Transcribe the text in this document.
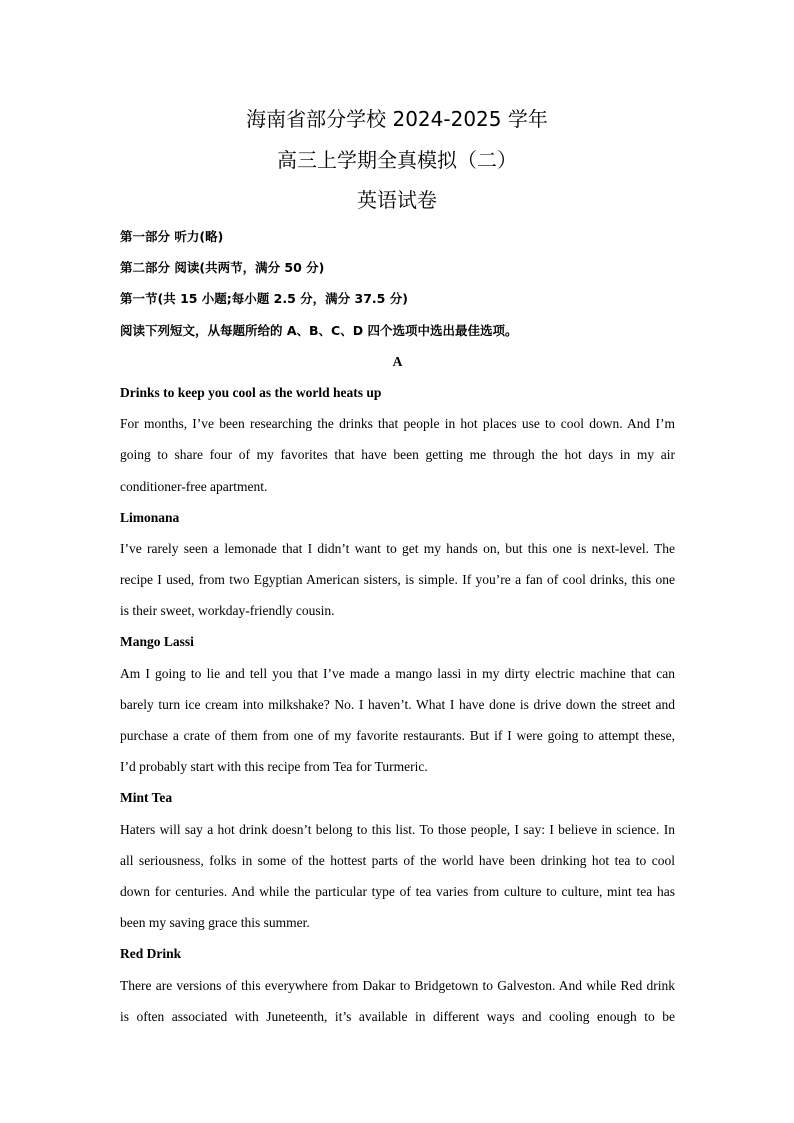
海南省部分学校 2024-2025 学年
高三上学期全真模拟（二）
英语试卷

第一部分 听力(略)

第二部分 阅读(共两节，满分 50 分)

第一节(共 15 小题;每小题 2.5 分，满分 37.5 分)

阅读下列短文，从每题所给的 A、B、C、D 四个选项中选出最佳选项。

A

Drinks to keep you cool as the world heats up

For months, I’ve been researching the drinks that people in hot places use to cool down. And I’m

going to share four of my favorites that have been getting me through the hot days in my air

conditioner-free apartment.

Limonana

I’ve rarely seen a lemonade that I didn’t want to get my hands on, but this one is next-level. The

recipe I used, from two Egyptian American sisters, is simple. If you’re a fan of cool drinks, this one

is their sweet, workday-friendly cousin.

Mango Lassi

Am I going to lie and tell you that I’ve made a mango lassi in my dirty electric machine that can

barely turn ice cream into milkshake? No. I haven’t. What I have done is drive down the street and

purchase a crate of them from one of my favorite restaurants. But if I were going to attempt these,

I’d probably start with this recipe from Tea for Turmeric.

Mint Tea

Haters will say a hot drink doesn’t belong to this list. To those people, I say: I believe in science. In

all seriousness, folks in some of the hottest parts of the world have been drinking hot tea to cool

down for centuries. And while the particular type of tea varies from culture to culture, mint tea has

been my saving grace this summer.

Red Drink

There are versions of this everywhere from Dakar to Bridgetown to Galveston. And while Red drink

is often associated with Juneteenth, it’s available in different ways and cooling enough to be
